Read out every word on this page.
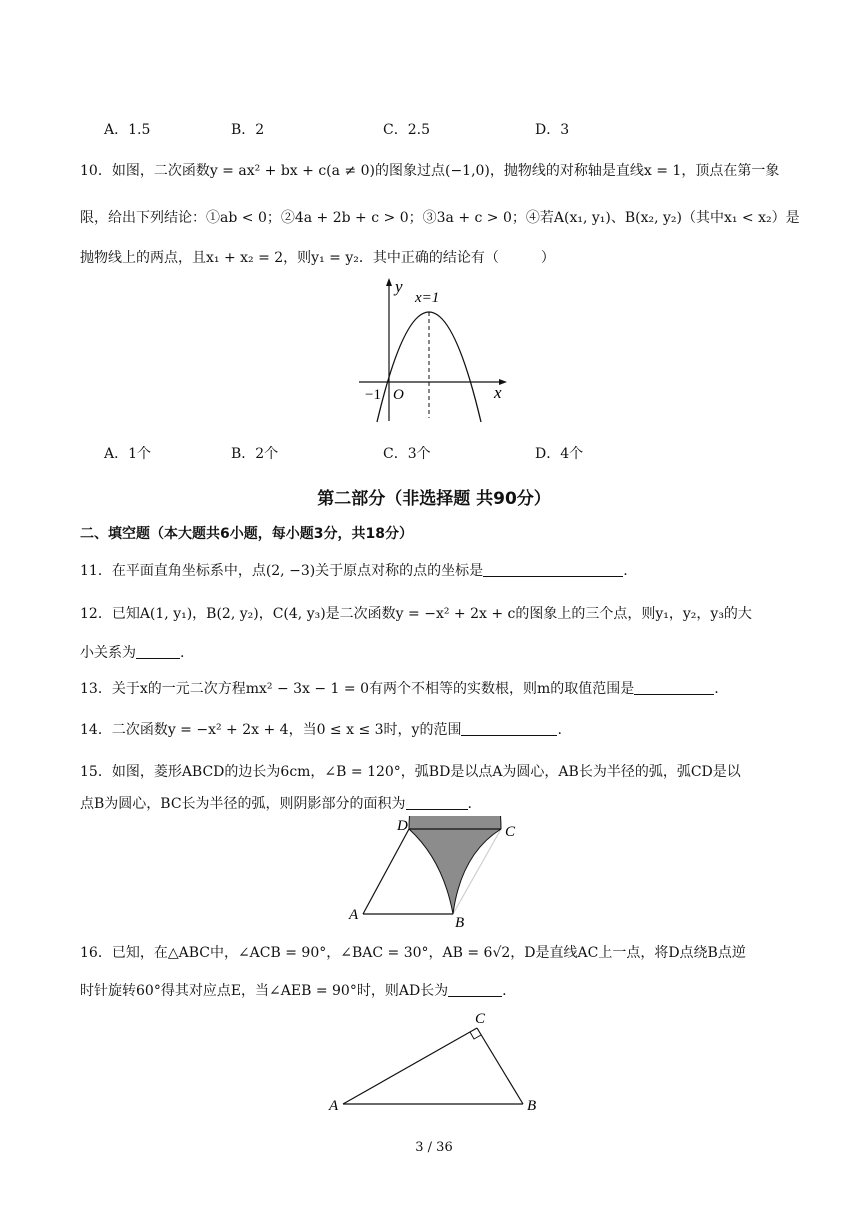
A．1.5	B．2	C．2.5	D．3
10．如图，二次函数y = ax² + bx + c(a ≠ 0)的图象过点(−1,0)，抛物线的对称轴是直线x = 1，顶点在第一象
限，给出下列结论：①ab < 0；②4a + 2b + c > 0；③3a + c > 0；④若A(x₁, y₁)、B(x₂, y₂)（其中x₁ < x₂）是
抛物线上的两点，且x₁ + x₂ = 2，则y₁ = y₂．其中正确的结论有（　　　）
y
x=1
x
O
−1
A．1个	B．2个	C．3个	D．4个
第二部分（非选择题 共90分）
二、填空题（本大题共6小题，每小题3分，共18分）
11．在平面直角坐标系中，点(2, −3)关于原点对称的点的坐标是	.
12．已知A(1, y₁)，B(2, y₂)，C(4, y₃)是二次函数y = −x² + 2x + c的图象上的三个点，则y₁，y₂，y₃的大
小关系为	.
13．关于x的一元二次方程mx² − 3x − 1 = 0有两个不相等的实数根，则m的取值范围是	.
14．二次函数y = −x² + 2x + 4，当0 ≤ x ≤ 3时，y的范围	.
15．如图，菱形ABCD的边长为6cm，∠B = 120°，弧BD是以点A为圆心，AB长为半径的弧，弧CD是以
点B为圆心，BC长为半径的弧，则阴影部分的面积为	.
D	C
A	B
16．已知，在△ABC中，∠ACB = 90°，∠BAC = 30°，AB = 6√2，D是直线AC上一点，将D点绕B点逆
时针旋转60°得其对应点E，当∠AEB = 90°时，则AD长为	.
C
A	B
3 / 36
